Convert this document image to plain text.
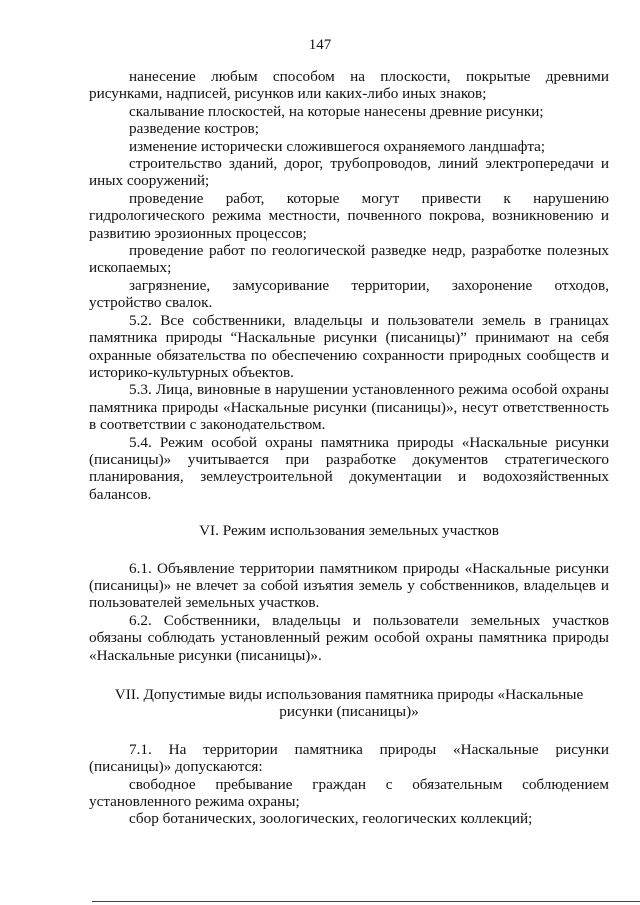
147

нанесение любым способом на плоскости, покрытые древними рисунками, надписей, рисунков или каких-либо иных знаков;

скалывание плоскостей, на которые нанесены древние рисунки;

разведение костров;

изменение исторически сложившегося охраняемого ландшафта;

строительство зданий, дорог, трубопроводов, линий электропередачи и иных сооружений;

проведение работ, которые могут привести к нарушению гидрологического режима местности, почвенного покрова, возникновению и развитию эрозионных процессов;

проведение работ по геологической разведке недр, разработке полезных ископаемых;

загрязнение, замусоривание территории, захоронение отходов, устройство свалок.

5.2. Все собственники, владельцы и пользователи земель в границах памятника природы “Наскальные рисунки (писаницы)” принимают на себя охранные обязательства по обеспечению сохранности природных сообществ и историко-культурных объектов.

5.3. Лица, виновные в нарушении установленного режима особой охраны памятника природы «Наскальные рисунки (писаницы)», несут ответственность в соответствии с законодательством.

5.4. Режим особой охраны памятника природы «Наскальные рисунки (писаницы)» учитывается при разработке документов стратегического планирования, землеустроительной документации и водохозяйственных балансов.

VI. Режим использования земельных участков

6.1. Объявление территории памятником природы «Наскальные рисунки (писаницы)» не влечет за собой изъятия земель у собственников, владельцев и пользователей земельных участков.

6.2. Собственники, владельцы и пользователи земельных участков обязаны соблюдать установленный режим особой охраны памятника природы «Наскальные рисунки (писаницы)».

VII. Допустимые виды использования памятника природы «Наскальные рисунки (писаницы)»

7.1. На территории памятника природы «Наскальные рисунки (писаницы)» допускаются:

свободное пребывание граждан с обязательным соблюдением установленного режима охраны;

сбор ботанических, зоологических, геологических коллекций;
